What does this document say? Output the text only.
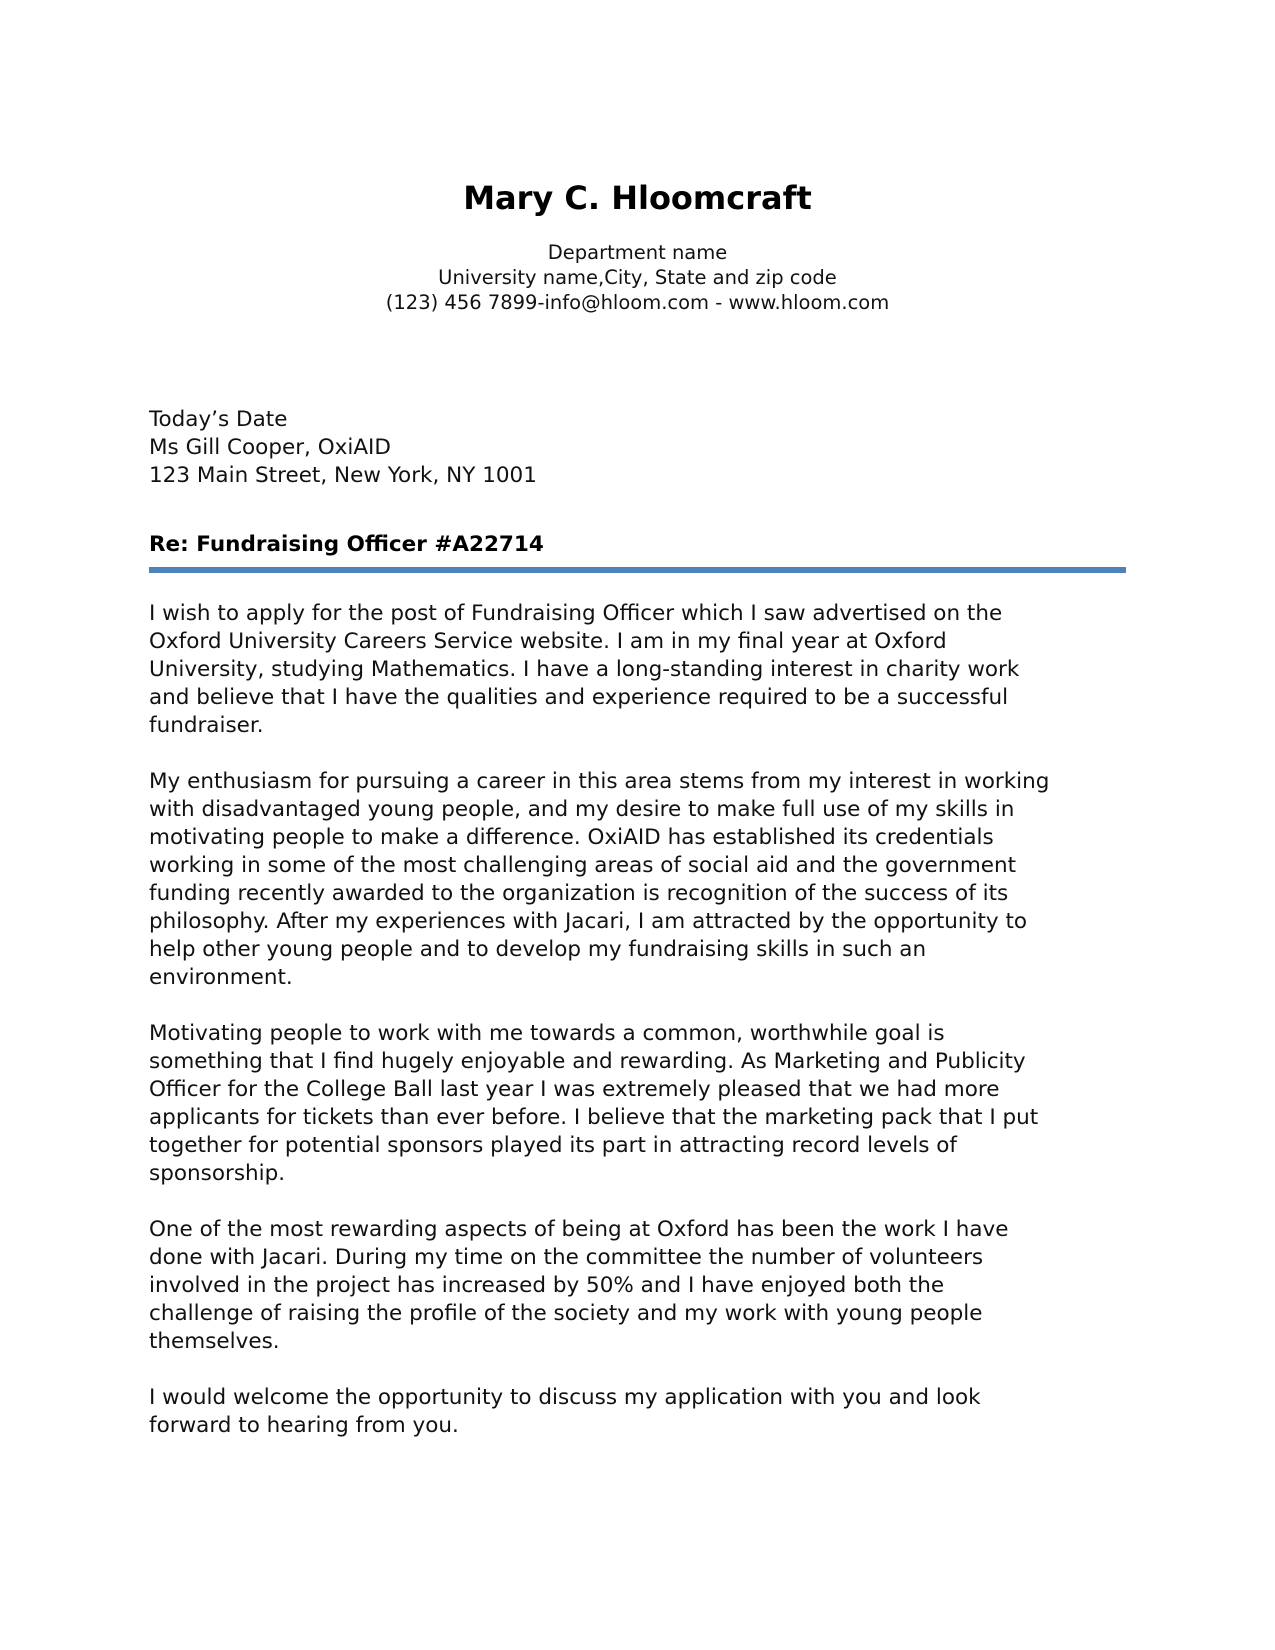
Mary C. Hloomcraft
Department name
University name,City, State and zip code
(123) 456 7899-info@hloom.com - www.hloom.com
Today’s Date
Ms Gill Cooper, OxiAID
123 Main Street, New York, NY 1001
Re: Fundraising Officer #A22714

I wish to apply for the post of Fundraising Officer which I saw advertised on the
Oxford University Careers Service website. I am in my final year at Oxford
University, studying Mathematics. I have a long-standing interest in charity work
and believe that I have the qualities and experience required to be a successful
fundraiser.

My enthusiasm for pursuing a career in this area stems from my interest in working
with disadvantaged young people, and my desire to make full use of my skills in
motivating people to make a difference. OxiAID has established its credentials
working in some of the most challenging areas of social aid and the government
funding recently awarded to the organization is recognition of the success of its
philosophy. After my experiences with Jacari, I am attracted by the opportunity to
help other young people and to develop my fundraising skills in such an
environment.

Motivating people to work with me towards a common, worthwhile goal is
something that I find hugely enjoyable and rewarding. As Marketing and Publicity
Officer for the College Ball last year I was extremely pleased that we had more
applicants for tickets than ever before. I believe that the marketing pack that I put
together for potential sponsors played its part in attracting record levels of
sponsorship.

One of the most rewarding aspects of being at Oxford has been the work I have
done with Jacari. During my time on the committee the number of volunteers
involved in the project has increased by 50% and I have enjoyed both the
challenge of raising the profile of the society and my work with young people
themselves.

I would welcome the opportunity to discuss my application with you and look
forward to hearing from you.
